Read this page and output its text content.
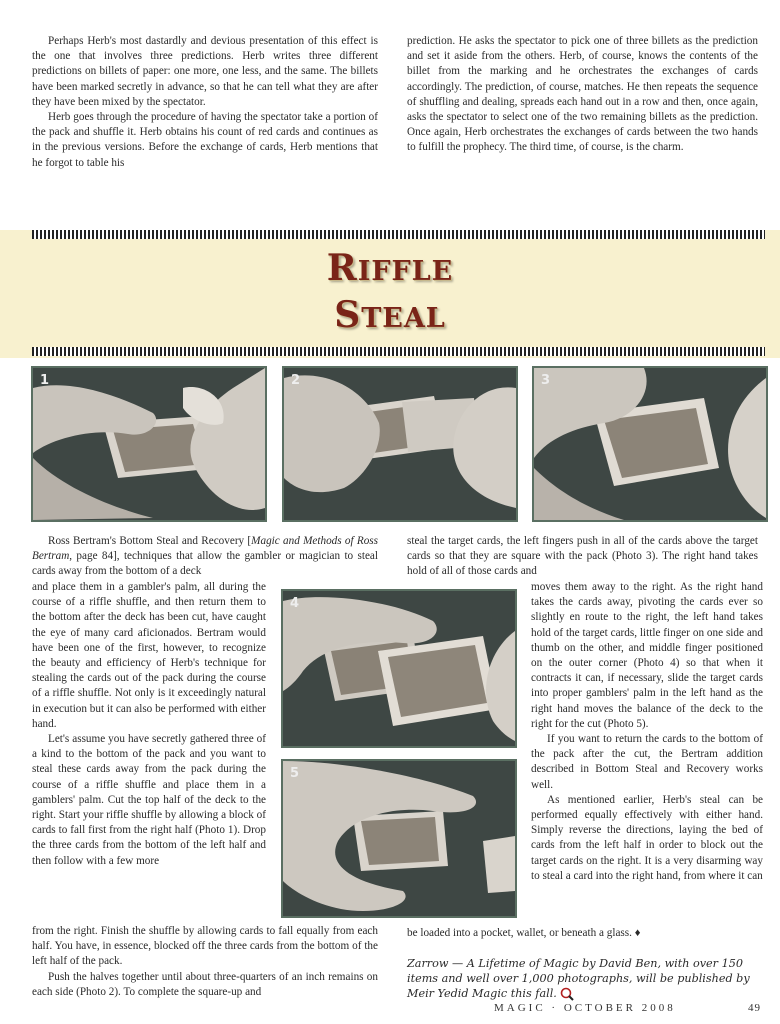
Perhaps Herb's most dastardly and devious presentation of this effect is the one that involves three predictions. Herb writes three different predictions on billets of paper: one more, one less, and the same. The billets have been marked secretly in advance, so that he can tell what they are after they have been mixed by the spectator.

Herb goes through the procedure of having the spectator take a portion of the pack and shuffle it. Herb obtains his count of red cards and continues as in the previous versions. Before the exchange of cards, Herb mentions that he forgot to table his

prediction. He asks the spectator to pick one of three billets as the prediction and set it aside from the others. Herb, of course, knows the contents of the billet from the marking and he orchestrates the exchanges of cards accordingly. The prediction, of course, matches. He then repeats the sequence of shuffling and dealing, spreads each hand out in a row and then, once again, asks the spectator to select one of the two remaining billets as the prediction. Once again, Herb orchestrates the exchanges of cards between the two hands to fulfill the prophecy. The third time, of course, is the charm.

RIFFLE
STEAL
1	2	3

Ross Bertram's Bottom Steal and Recovery [Magic and Methods of Ross Bertram, page 84], techniques that allow the gambler or magician to steal cards away from the bottom of a deck

and place them in a gambler's palm, all during the course of a riffle shuffle, and then return them to the bottom after the deck has been cut, have caught the eye of many card aficionados. Bertram would have been one of the first, however, to recognize the beauty and efficiency of Herb's technique for stealing the cards out of the pack during the course of a riffle shuffle. Not only is it exceedingly natural in execution but it can also be performed with either hand.

Let's assume you have secretly gathered three of a kind to the bottom of the pack and you want to steal these cards away from the pack during the course of a riffle shuffle and place them in a gamblers' palm. Cut the top half of the deck to the right. Start your riffle shuffle by allowing a block of cards to fall first from the right half (Photo 1). Drop the three cards from the bottom of the left half and then follow with a few more

from the right. Finish the shuffle by allowing cards to fall equally from each half. You have, in essence, blocked off the three cards from the bottom of the left half of the pack.

Push the halves together until about three-quarters of an inch remains on each side (Photo 2). To complete the square-up and

steal the target cards, the left fingers push in all of the cards above the target cards so that they are square with the pack (Photo 3). The right hand takes hold of all of those cards and

moves them away to the right. As the right hand takes the cards away, pivoting the cards ever so slightly en route to the right, the left hand takes hold of the target cards, little finger on one side and thumb on the other, and middle finger positioned on the outer corner (Photo 4) so that when it contracts it can, if necessary, slide the target cards into proper gamblers' palm in the left hand as the right hand moves the balance of the deck to the right for the cut (Photo 5).

If you want to return the cards to the bottom of the pack after the cut, the Bertram addition described in Bottom Steal and Recovery works well.

As mentioned earlier, Herb's steal can be performed equally effectively with either hand. Simply reverse the directions, laying the bed of cards from the left half in order to block out the target cards on the right. It is a very disarming way to steal a card into the right hand, from where it can

be loaded into a pocket, wallet, or beneath a glass. ♦

4
5
Zarrow — A Lifetime of Magic by David Ben, with over 150 items and well over 1,000 photographs, will be published by Meir Yedid Magic this fall.
MAGIC · OCTOBER 2008	49
